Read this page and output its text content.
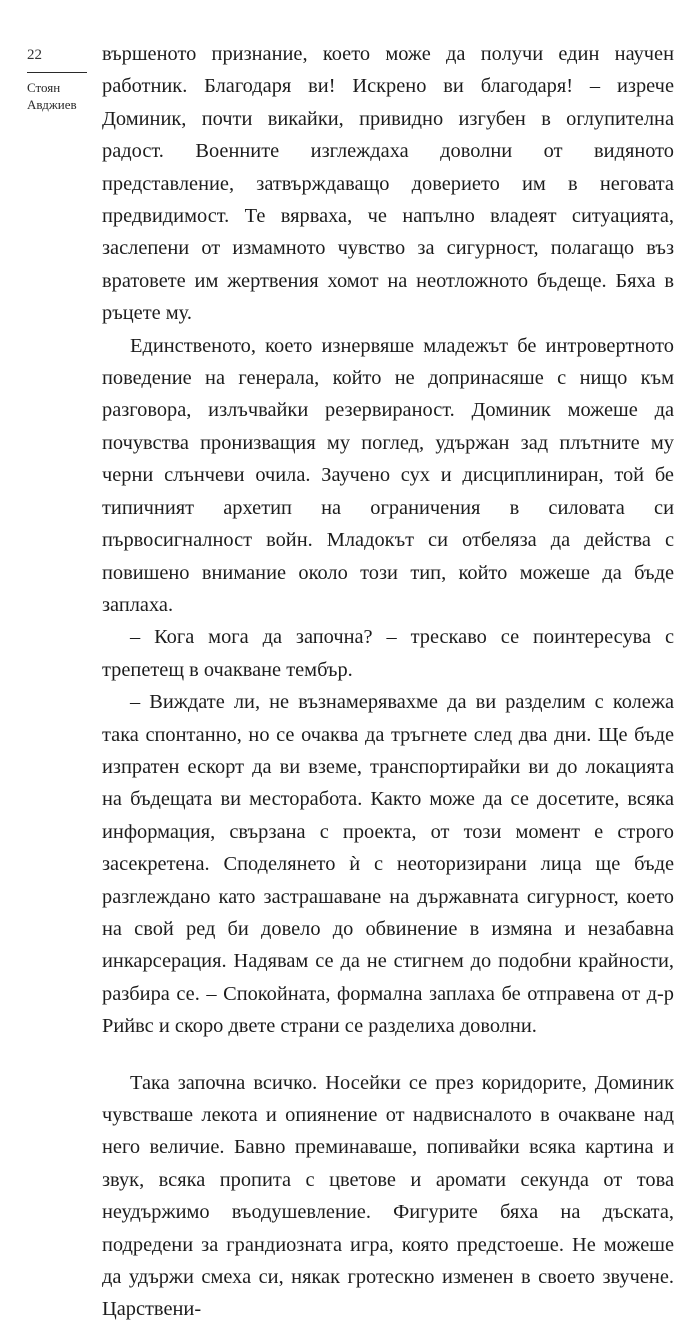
22
Стоян
Авджиев

вършеното признание, което може да получи един научен работник. Благодаря ви! Искрено ви благодаря! – изрече Доминик, почти викайки, привидно изгубен в оглупителна радост. Военните изглеждаха доволни от видяното представление, затвърждаващо доверието им в неговата предвидимост. Те вярваха, че напълно владеят ситуацията, заслепени от измамното чувство за сигурност, полагащо въз вратовете им жертвения хомот на неотложното бъдеще. Бяха в ръцете му.

Единственото, което изнервяше младежът бе интровертното поведение на генерала, който не допринасяше с нищо към разговора, излъчвайки резервираност. Доминик можеше да почувства пронизващия му поглед, удържан зад плътните му черни слънчеви очила. Заучено сух и дисциплиниран, той бе типичният архетип на ограничения в силовата си първосигналност войн. Младокът си отбеляза да действа с повишено внимание около този тип, който можеше да бъде заплаха.

– Кога мога да започна? – трескаво се поинтересува с трепетещ в очакване тембър.

– Виждате ли, не възнамерявахме да ви разделим с колежа така спонтанно, но се очаква да тръгнете след два дни. Ще бъде изпратен ескорт да ви вземе, транспортирайки ви до локацията на бъдещата ви месторабота. Както може да се досетите, всяка информация, свързана с проекта, от този момент е строго засекретена. Споделянето ѝ с неоторизирани лица ще бъде разглеждано като застрашаване на държавната сигурност, което на свой ред би довело до обвинение в измяна и незабавна инкарсерация. Надявам се да не стигнем до подобни крайности, разбира се. – Спокойната, формална заплаха бе отправена от д-р Рийвс и скоро двете страни се разделиха доволни.

Така започна всичко. Носейки се през коридорите, Доминик чувстваше лекота и опиянение от надвисналото в очакване над него величие. Бавно преминаваше, попивайки всяка картина и звук, всяка пропита с цветове и аромати секунда от това неудържимо въодушевление. Фигурите бяха на дъската, подредени за грандиозната игра, която предстоеше. Не можеше да удържи смеха си, някак гротескно изменен в своето звучене. Царствени-
